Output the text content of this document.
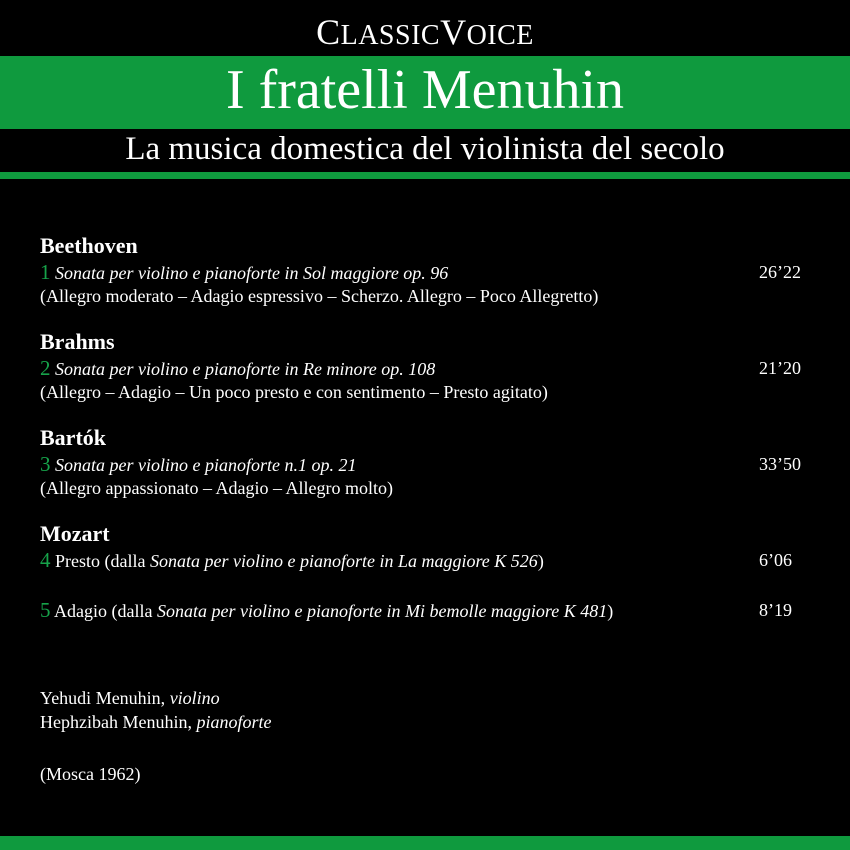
CLASSICVOICE
I fratelli Menuhin
La musica domestica del violinista del secolo
Beethoven
1 Sonata per violino e pianoforte in Sol maggiore op. 96	26’22
(Allegro moderato – Adagio espressivo – Scherzo. Allegro – Poco Allegretto)
Brahms
2 Sonata per violino e pianoforte in Re minore op. 108	21’20
(Allegro – Adagio – Un poco presto e con sentimento – Presto agitato)
Bartók
3 Sonata per violino e pianoforte n.1 op. 21	33’50
(Allegro appassionato – Adagio – Allegro molto)
Mozart
4 Presto (dalla Sonata per violino e pianoforte in La maggiore K 526)	6’06
5 Adagio (dalla Sonata per violino e pianoforte in Mi bemolle maggiore K 481)	8’19
Yehudi Menuhin, violino
Hephzibah Menuhin, pianoforte
(Mosca 1962)
